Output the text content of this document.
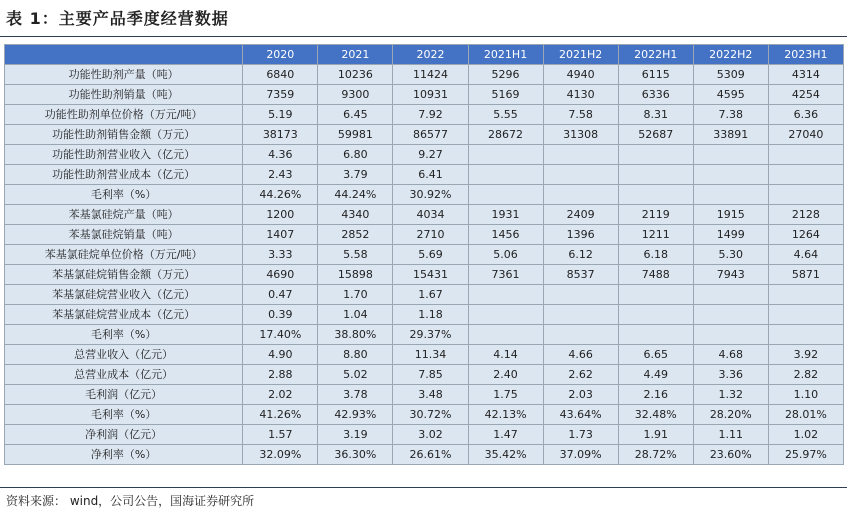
表 1：主要产品季度经营数据
	2020	2021	2022	2021H1	2021H2	2022H1	2022H2	2023H1
功能性助剂产量（吨）	6840	10236	11424	5296	4940	6115	5309	4314
功能性助剂销量（吨）	7359	9300	10931	5169	4130	6336	4595	4254
功能性助剂单位价格（万元/吨）	5.19	6.45	7.92	5.55	7.58	8.31	7.38	6.36
功能性助剂销售金额（万元）	38173	59981	86577	28672	31308	52687	33891	27040
功能性助剂营业收入（亿元）	4.36	6.80	9.27					
功能性助剂营业成本（亿元）	2.43	3.79	6.41					
毛利率（%）	44.26%	44.24%	30.92%					
苯基氯硅烷产量（吨）	1200	4340	4034	1931	2409	2119	1915	2128
苯基氯硅烷销量（吨）	1407	2852	2710	1456	1396	1211	1499	1264
苯基氯硅烷单位价格（万元/吨）	3.33	5.58	5.69	5.06	6.12	6.18	5.30	4.64
苯基氯硅烷销售金额（万元）	4690	15898	15431	7361	8537	7488	7943	5871
苯基氯硅烷营业收入（亿元）	0.47	1.70	1.67					
苯基氯硅烷营业成本（亿元）	0.39	1.04	1.18					
毛利率（%）	17.40%	38.80%	29.37%					
总营业收入（亿元）	4.90	8.80	11.34	4.14	4.66	6.65	4.68	3.92
总营业成本（亿元）	2.88	5.02	7.85	2.40	2.62	4.49	3.36	2.82
毛利润（亿元）	2.02	3.78	3.48	1.75	2.03	2.16	1.32	1.10
毛利率（%）	41.26%	42.93%	30.72%	42.13%	43.64%	32.48%	28.20%	28.01%
净利润（亿元）	1.57	3.19	3.02	1.47	1.73	1.91	1.11	1.02
净利率（%）	32.09%	36.30%	26.61%	35.42%	37.09%	28.72%	23.60%	25.97%
资料来源： wind，公司公告，国海证券研究所
